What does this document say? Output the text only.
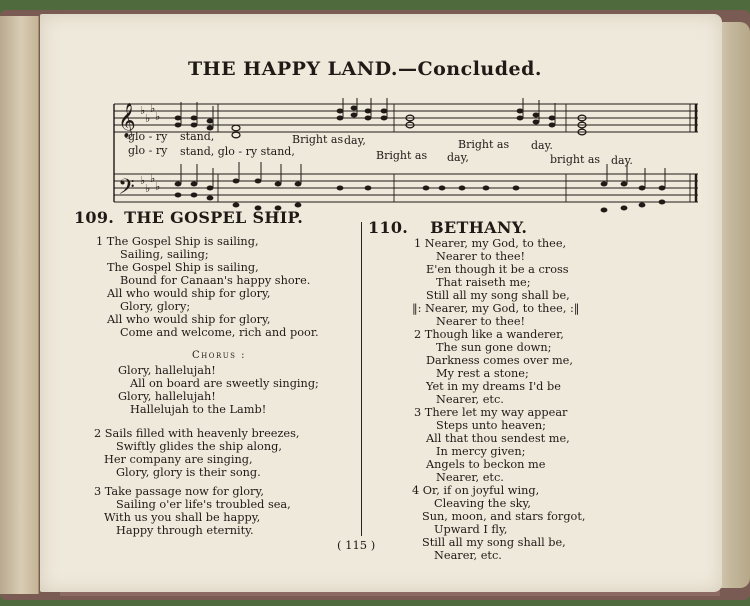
THE HAPPY LAND.—Concluded.
𝄞
𝄢
♭
♭
♭
♭
♭
♭
♭
♭
glo - ry stand,	Bright as day,	Bright as day.
glo - ry stand, glo - ry stand,	Bright as day,	bright as day.
109. THE GOSPEL SHIP.
1 The Gospel Ship is sailing,
Sailing, sailing;
The Gospel Ship is sailing,
Bound for Canaan's happy shore.
All who would ship for glory,
Glory, glory;
All who would ship for glory,
Come and welcome, rich and poor.
Chorus :
Glory, hallelujah!
All on board are sweetly singing;
Glory, hallelujah!
Hallelujah to the Lamb!
2 Sails filled with heavenly breezes,
Swiftly glides the ship along,
Her company are singing,
Glory, glory is their song.
3 Take passage now for glory,
Sailing o'er life's troubled sea,
With us you shall be happy,
Happy through eternity.
110. BETHANY.
1 Nearer, my God, to thee,
Nearer to thee!
E'en though it be a cross
That raiseth me;
Still all my song shall be,
‖: Nearer, my God, to thee, :‖
Nearer to thee!
2 Though like a wanderer,
The sun gone down;
Darkness comes over me,
My rest a stone;
Yet in my dreams I'd be
Nearer, etc.
3 There let my way appear
Steps unto heaven;
All that thou sendest me,
In mercy given;
Angels to beckon me
Nearer, etc.
4 Or, if on joyful wing,
Cleaving the sky,
Sun, moon, and stars forgot,
Upward I fly,
Still all my song shall be,
Nearer, etc.
( 115 )
